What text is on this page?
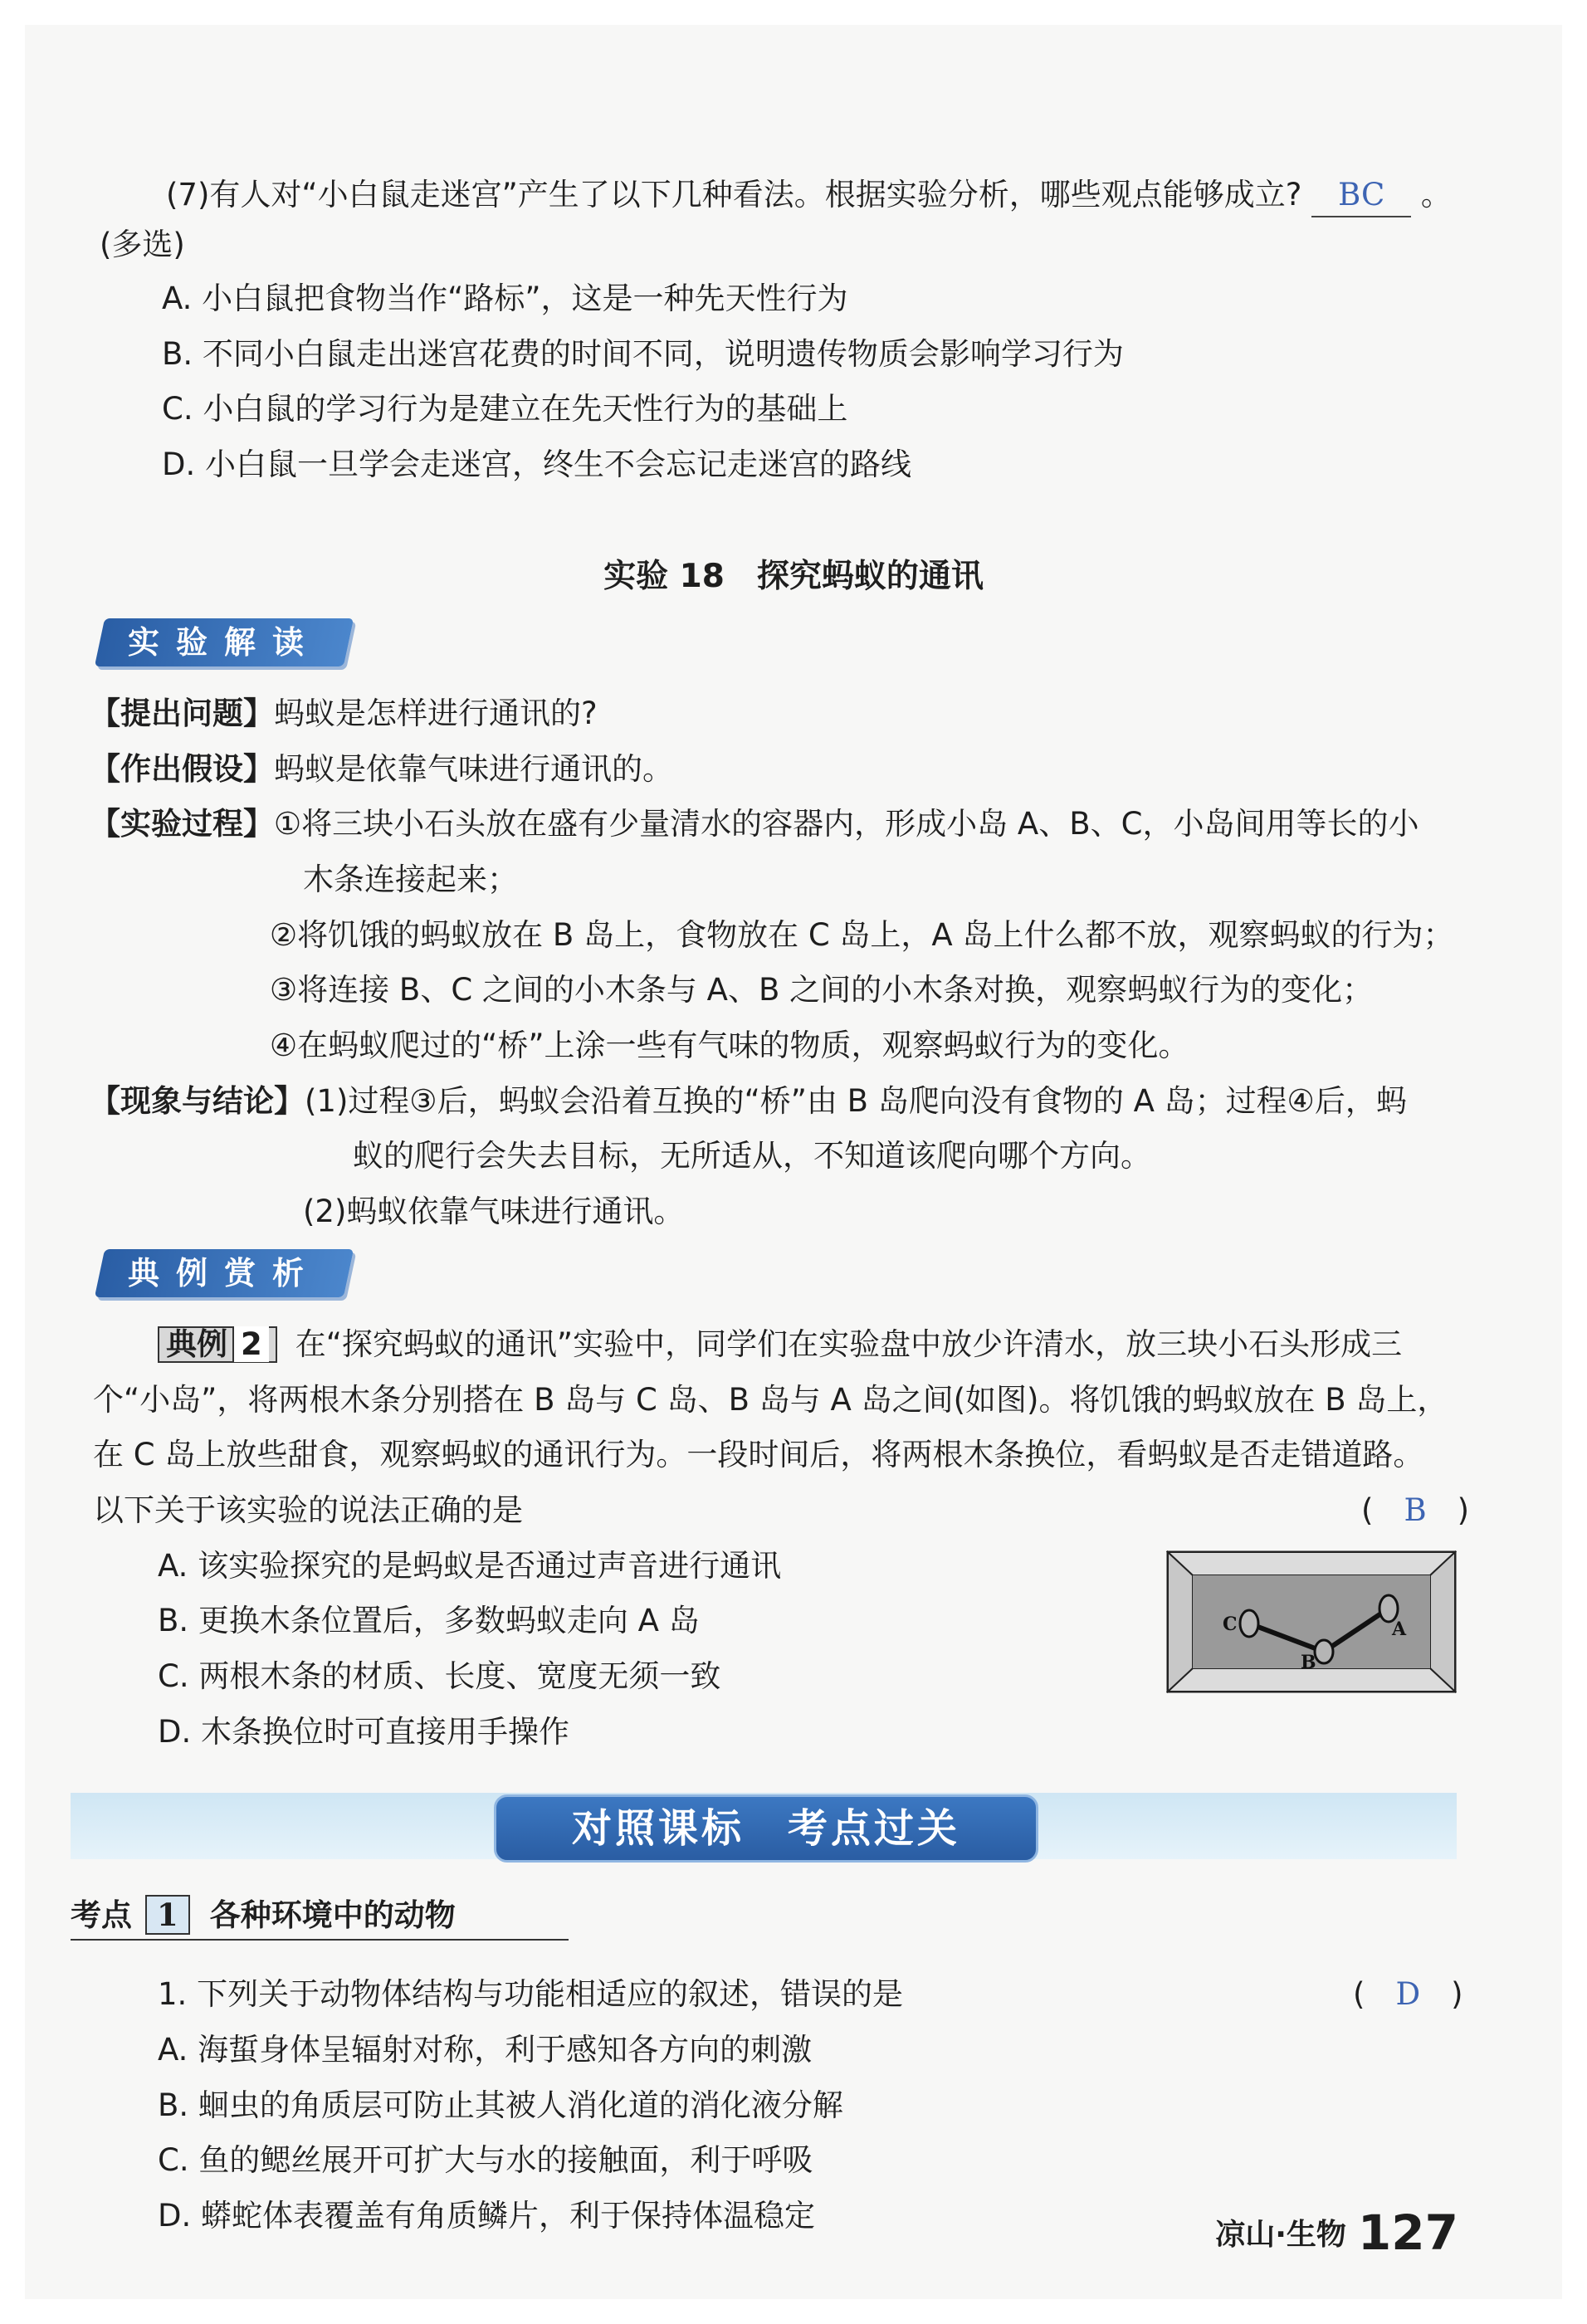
(7)有人对“小白鼠走迷宫”产生了以下几种看法。根据实验分析，哪些观点能够成立? BC 。
(多选)
A. 小白鼠把食物当作“路标”，这是一种先天性行为
B. 不同小白鼠走出迷宫花费的时间不同，说明遗传物质会影响学习行为
C. 小白鼠的学习行为是建立在先天性行为的基础上
D. 小白鼠一旦学会走迷宫，终生不会忘记走迷宫的路线
实验 18　探究蚂蚁的通讯
实验解读
【提出问题】蚂蚁是怎样进行通讯的?
【作出假设】蚂蚁是依靠气味进行通讯的。
【实验过程】①将三块小石头放在盛有少量清水的容器内，形成小岛 A、B、C，小岛间用等长的小
木条连接起来；
②将饥饿的蚂蚁放在 B 岛上，食物放在 C 岛上，A 岛上什么都不放，观察蚂蚁的行为；
③将连接 B、C 之间的小木条与 A、B 之间的小木条对换，观察蚂蚁行为的变化；
④在蚂蚁爬过的“桥”上涂一些有气味的物质，观察蚂蚁行为的变化。
【现象与结论】(1)过程③后，蚂蚁会沿着互换的“桥”由 B 岛爬向没有食物的 A 岛；过程④后，蚂
蚁的爬行会失去目标，无所适从，不知道该爬向哪个方向。
(2)蚂蚁依靠气味进行通讯。
典例赏析
典例 2 在“探究蚂蚁的通讯”实验中，同学们在实验盘中放少许清水，放三块小石头形成三
个“小岛”，将两根木条分别搭在 B 岛与 C 岛、B 岛与 A 岛之间(如图)。将饥饿的蚂蚁放在 B 岛上，
在 C 岛上放些甜食，观察蚂蚁的通讯行为。一段时间后，将两根木条换位，看蚂蚁是否走错道路。
以下关于该实验的说法正确的是	(　B　)
A. 该实验探究的是蚂蚁是否通过声音进行通讯
B. 更换木条位置后，多数蚂蚁走向 A 岛
C. 两根木条的材质、长度、宽度无须一致
D. 木条换位时可直接用手操作
C
B
A
对照课标　考点过关
考点 1 各种环境中的动物
1. 下列关于动物体结构与功能相适应的叙述，错误的是	(　D　)
A. 海蜇身体呈辐射对称，利于感知各方向的刺激
B. 蛔虫的角质层可防止其被人消化道的消化液分解
C. 鱼的鳃丝展开可扩大与水的接触面，利于呼吸
D. 蟒蛇体表覆盖有角质鳞片，利于保持体温稳定
凉山·生物 127
